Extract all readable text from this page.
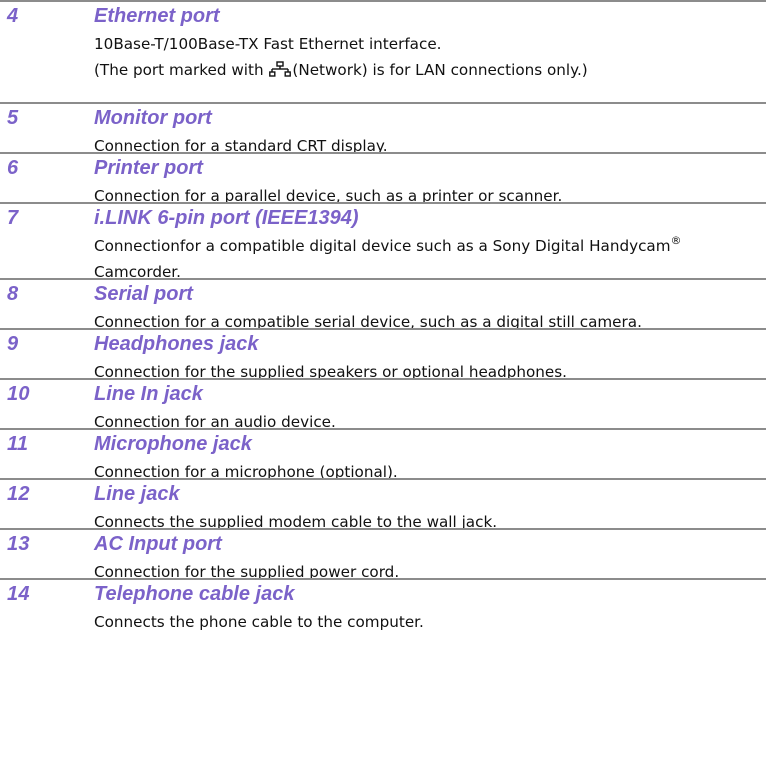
4	Ethernet port
10Base-T/100Base-TX Fast Ethernet interface.
(The port marked with (Network) is for LAN connections only.)
5	Monitor port
Connection for a standard CRT display.
6	Printer port
Connection for a parallel device, such as a printer or scanner.
7	i.LINK 6-pin port (IEEE1394)
Connectionfor a compatible digital device such as a Sony Digital Handycam®
Camcorder.
8	Serial port
Connection for a compatible serial device, such as a digital still camera.
9	Headphones jack
Connection for the supplied speakers or optional headphones.
10	Line In jack
Connection for an audio device.
11	Microphone jack
Connection for a microphone (optional).
12	Line jack
Connects the supplied modem cable to the wall jack.
13	AC Input port
Connection for the supplied power cord.
14	Telephone cable jack
Connects the phone cable to the computer.
